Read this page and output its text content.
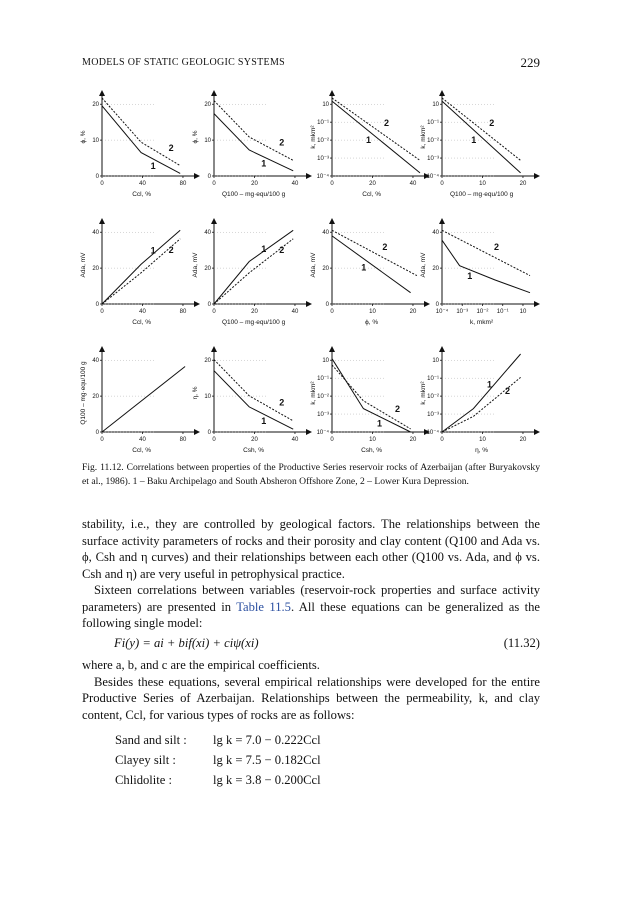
MODELS OF STATIC GEOLOGIC SYSTEMS	229
0	40	80
0
10
20
Ccl, %
ϕ, %
1
2
0	20	40
0
10
20
Q100 – mg·equ/100 g
ϕ, %
1
2
0	20	40
10⁻⁴
10⁻³
10⁻²
10⁻¹
10
Ccl, %
k, mkm²	1
2
0	10	20
10⁻⁴
10⁻³
10⁻²
10⁻¹
10
Q100 – mg·equ/100 g
k, mkm²	1
2
0	40	80
0
20
40
Ccl, %
Ada, mV
1 2
0	20	40
0
20
40
Q100 – mg·equ/100 g
Ada, mV
1 2
0	10	20
0
20
40
ϕ, %
Ada, mV	1
2
10⁻⁴ 10⁻³ 10⁻² 10⁻¹ 10
0
20
40
k, mkm²
Ada, mV	1
2
0	40	80
0
20
40
Ccl, %
Q100 – mg·equ/100 g
0	20	40
0
10
20
Csh, %
η, %
1
2
0	10	20
10⁻⁴
10⁻³
10⁻²
10⁻¹
10
Csh, %
k, mkm²
1
2
0	10	20
10⁻⁴
10⁻³
10⁻²
10⁻¹
10
η, %
k, mkm²	1
2
Fig. 11.12. Correlations between properties of the Productive Series reservoir rocks of Azerbaijan (after Buryakovsky et al., 1986). 1 – Baku Archipelago and South Absheron Offshore Zone, 2 – Lower Kura Depression.

stability, i.e., they are controlled by geological factors. The relationships between the surface activity parameters of rocks and their porosity and clay content (Q100 and Ada vs. ϕ, Csh and η curves) and their relationships between each other (Q100 vs. Ada, and ϕ vs. Csh and η) are very useful in petrophysical practice.

Sixteen correlations between variables (reservoir-rock properties and surface activity parameters) are presented in Table 11.5. All these equations can be generalized as the following single model:

Fi(y) = ai + bif(xi) + ciψ(xi)	(11.32)

where a, b, and c are the empirical coefficients.

Besides these equations, several empirical relationships were developed for the entire Productive Series of Azerbaijan. Relationships between the permeability, k, and clay content, Ccl, for various types of rocks are as follows:

Sand and silt : lg k = 7.0 − 0.222Ccl
Clayey silt :	lg k = 7.5 − 0.182Ccl
Chlidolite :	lg k = 3.8 − 0.200Ccl
